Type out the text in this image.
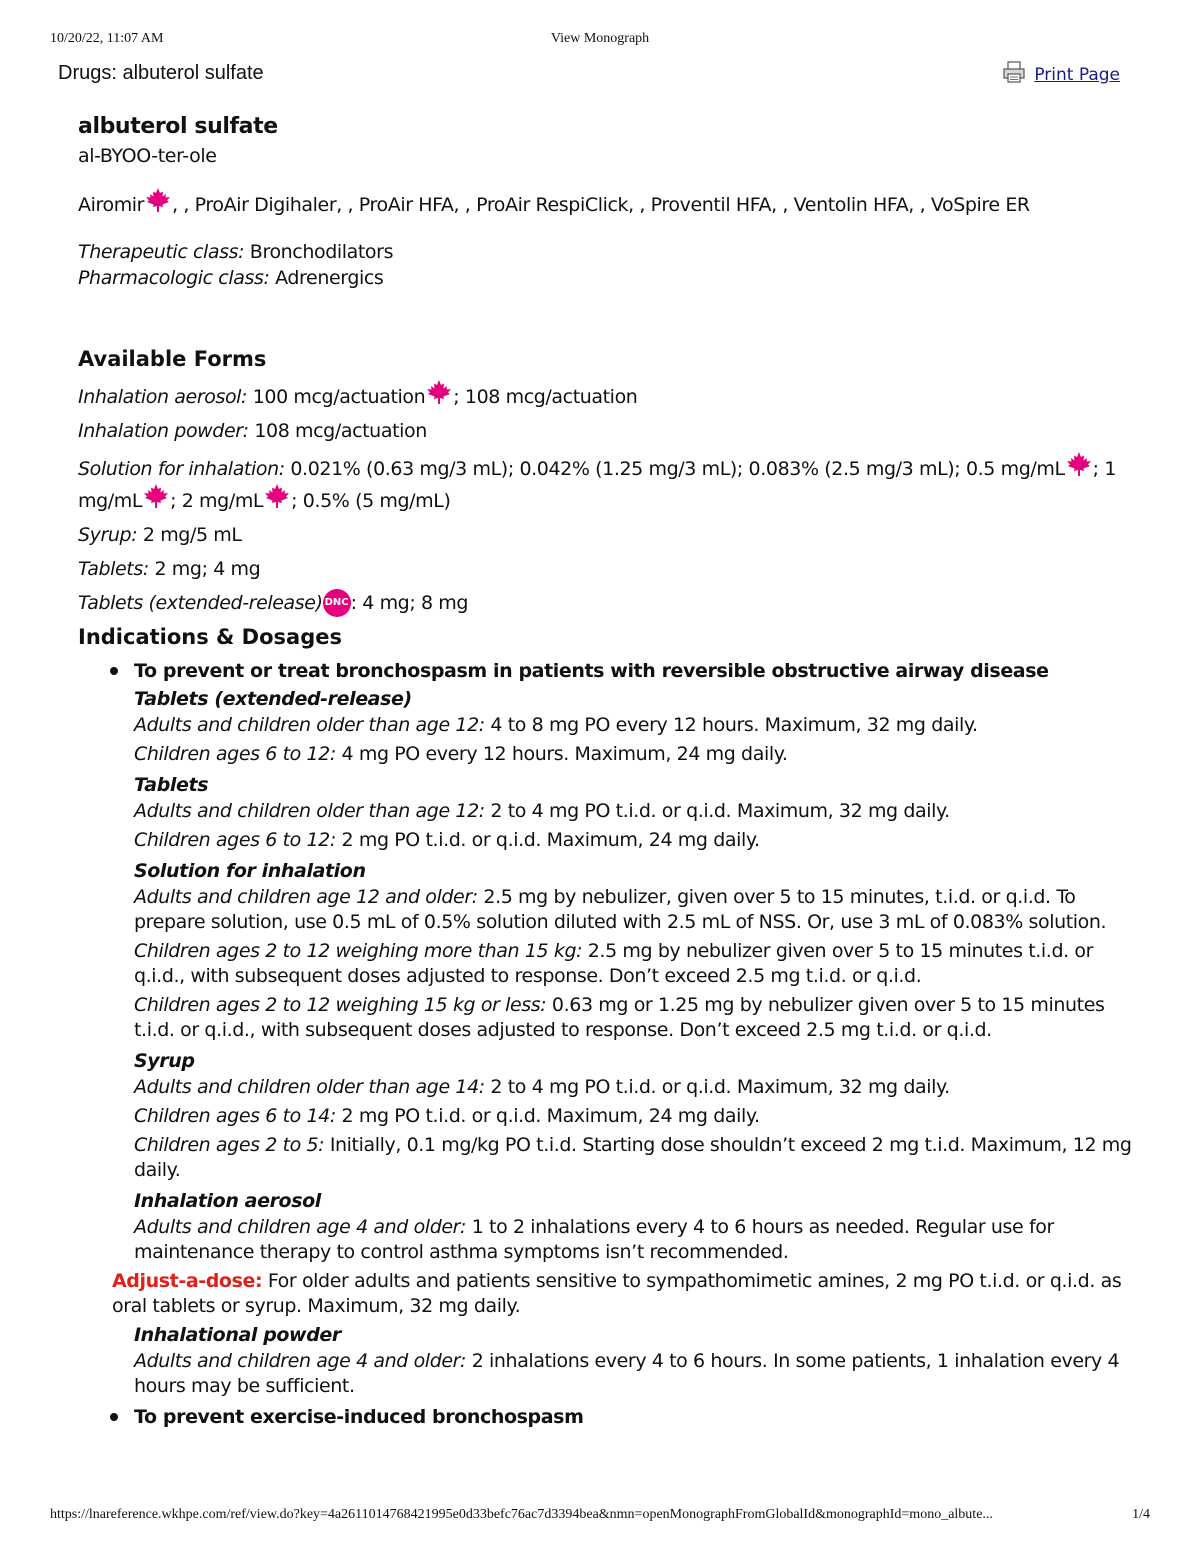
10/20/22, 11:07 AM	View Monograph
Drugs: albuterol sulfate	Print Page
albuterol sulfate
al-BYOO-ter-ole
Airomir , , ProAir Digihaler, , ProAir HFA, , ProAir RespiClick, , Proventil HFA, , Ventolin HFA, , VoSpire ER
Therapeutic class: Bronchodilators
Pharmacologic class: Adrenergics
Available Forms
Inhalation aerosol: 100 mcg/actuation ; 108 mcg/actuation
Inhalation powder: 108 mcg/actuation
Solution for inhalation: 0.021% (0.63 mg/3 mL); 0.042% (1.25 mg/3 mL); 0.083% (2.5 mg/3 mL); 0.5 mg/mL ; 1 mg/mL ; 2 mg/mL ; 0.5% (5 mg/mL)
Syrup: 2 mg/5 mL
Tablets: 2 mg; 4 mg
Tablets (extended-release) DNC : 4 mg; 8 mg
Indications & Dosages
To prevent or treat bronchospasm in patients with reversible obstructive airway disease
Tablets (extended-release)
Adults and children older than age 12: 4 to 8 mg PO every 12 hours. Maximum, 32 mg daily.
Children ages 6 to 12: 4 mg PO every 12 hours. Maximum, 24 mg daily.
Tablets
Adults and children older than age 12: 2 to 4 mg PO t.i.d. or q.i.d. Maximum, 32 mg daily.
Children ages 6 to 12: 2 mg PO t.i.d. or q.i.d. Maximum, 24 mg daily.
Solution for inhalation
Adults and children age 12 and older: 2.5 mg by nebulizer, given over 5 to 15 minutes, t.i.d. or q.i.d. To prepare solution, use 0.5 mL of 0.5% solution diluted with 2.5 mL of NSS. Or, use 3 mL of 0.083% solution.
Children ages 2 to 12 weighing more than 15 kg: 2.5 mg by nebulizer given over 5 to 15 minutes t.i.d. or q.i.d., with subsequent doses adjusted to response. Don’t exceed 2.5 mg t.i.d. or q.i.d.
Children ages 2 to 12 weighing 15 kg or less: 0.63 mg or 1.25 mg by nebulizer given over 5 to 15 minutes t.i.d. or q.i.d., with subsequent doses adjusted to response. Don’t exceed 2.5 mg t.i.d. or q.i.d.
Syrup
Adults and children older than age 14: 2 to 4 mg PO t.i.d. or q.i.d. Maximum, 32 mg daily.
Children ages 6 to 14: 2 mg PO t.i.d. or q.i.d. Maximum, 24 mg daily.
Children ages 2 to 5: Initially, 0.1 mg/kg PO t.i.d. Starting dose shouldn’t exceed 2 mg t.i.d. Maximum, 12 mg daily.
Inhalation aerosol
Adults and children age 4 and older: 1 to 2 inhalations every 4 to 6 hours as needed. Regular use for maintenance therapy to control asthma symptoms isn’t recommended.
Adjust-a-dose: For older adults and patients sensitive to sympathomimetic amines, 2 mg PO t.i.d. or q.i.d. as oral tablets or syrup. Maximum, 32 mg daily.
Inhalational powder
Adults and children age 4 and older: 2 inhalations every 4 to 6 hours. In some patients, 1 inhalation every 4 hours may be sufficient.
To prevent exercise-induced bronchospasm
https://lnareference.wkhpe.com/ref/view.do?key=4a2611014768421995e0d33befc76ac7d3394bea&nmn=openMonographFromGlobalId&monographId=mono_albute...	1/4
